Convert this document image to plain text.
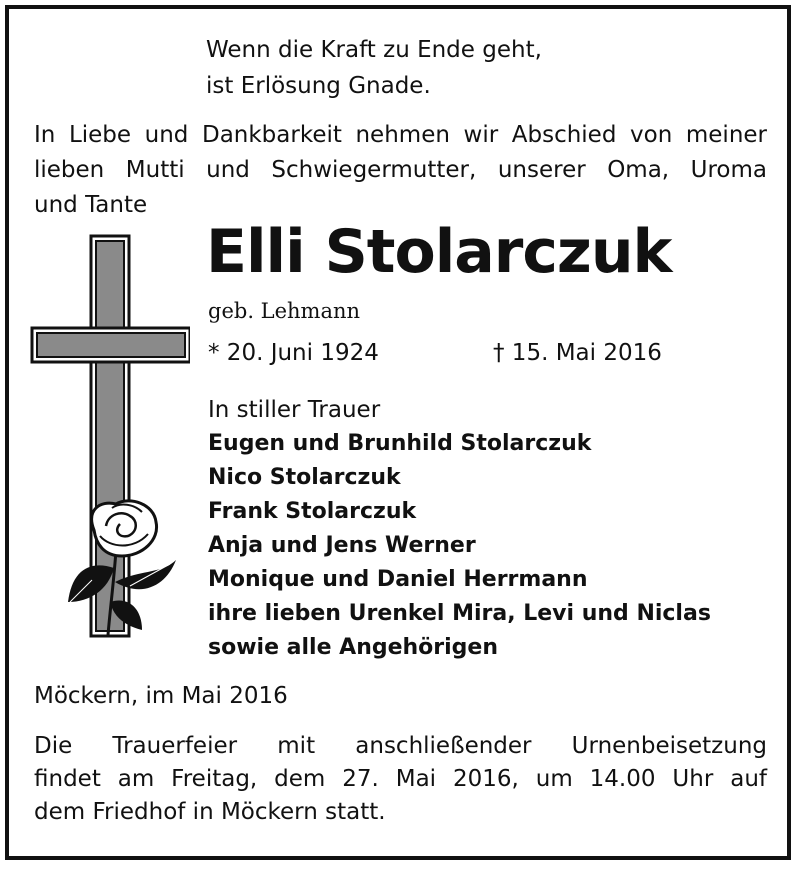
Wenn die Kraft zu Ende geht,
ist Erlösung Gnade.
In Liebe und Dankbarkeit nehmen wir Abschied von meiner
lieben Mutti und Schwiegermutter, unserer Oma, Uroma
und Tante
Elli Stolarczuk
geb. Lehmann
* 20. Juni 1924	† 15. Mai 2016
In stiller Trauer
Eugen und Brunhild Stolarczuk
Nico Stolarczuk
Frank Stolarczuk
Anja und Jens Werner
Monique und Daniel Herrmann
ihre lieben Urenkel Mira, Levi und Niclas
sowie alle Angehörigen
Möckern, im Mai 2016
Die Trauerfeier mit anschließender Urnenbeisetzung
findet am Freitag, dem 27. Mai 2016, um 14.00 Uhr auf
dem Friedhof in Möckern statt.
